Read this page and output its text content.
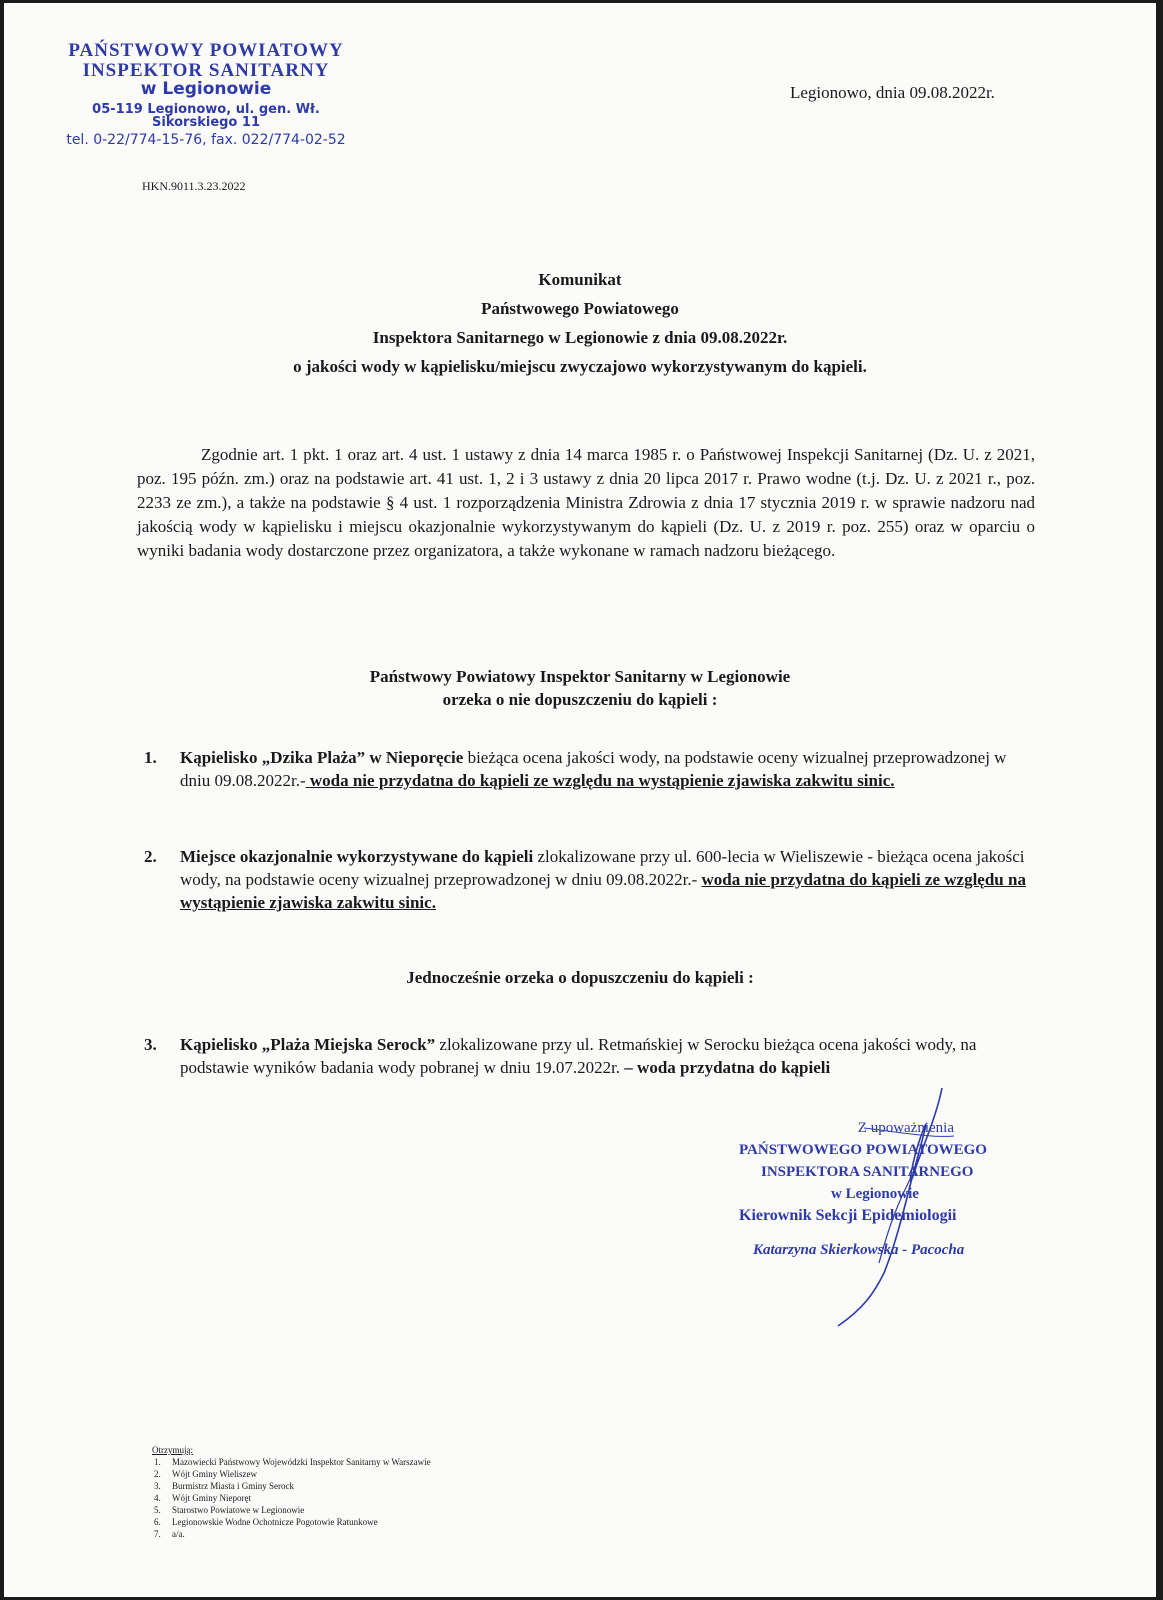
PAŃSTWOWY POWIATOWY
INSPEKTOR SANITARNY
w Legionowie
05-119 Legionowo, ul. gen. Wł. Sikorskiego 11
tel. 0-22/774-15-76, fax. 022/774-02-52
Legionowo, dnia 09.08.2022r.
HKN.9011.3.23.2022
Komunikat
Państwowego Powiatowego
Inspektora Sanitarnego w Legionowie z dnia 09.08.2022r.
o jakości wody w kąpielisku/miejscu zwyczajowo wykorzystywanym do kąpieli.
Zgodnie art. 1 pkt. 1 oraz art. 4 ust. 1 ustawy z dnia 14 marca 1985 r. o Państwowej Inspekcji Sanitarnej (Dz. U. z 2021, poz. 195 późn. zm.) oraz na podstawie art. 41 ust. 1, 2 i 3 ustawy z dnia 20 lipca 2017 r. Prawo wodne (t.j. Dz. U. z 2021 r., poz. 2233 ze zm.), a także na podstawie § 4 ust. 1 rozporządzenia Ministra Zdrowia z dnia 17 stycznia 2019 r. w sprawie nadzoru nad jakością wody w kąpielisku i miejscu okazjonalnie wykorzystywanym do kąpieli (Dz. U. z 2019 r. poz. 255) oraz w oparciu o wyniki badania wody dostarczone przez organizatora, a także wykonane w ramach nadzoru bieżącego.
Państwowy Powiatowy Inspektor Sanitarny w Legionowie
orzeka o nie dopuszczeniu do kąpieli :
1. Kąpielisko „Dzika Plaża” w Nieporęcie bieżąca ocena jakości wody, na podstawie oceny wizualnej przeprowadzonej w dniu 09.08.2022r.- woda nie przydatna do kąpieli ze względu na wystąpienie zjawiska zakwitu sinic.
2. Miejsce okazjonalnie wykorzystywane do kąpieli zlokalizowane przy ul. 600-lecia w Wieliszewie - bieżąca ocena jakości wody, na podstawie oceny wizualnej przeprowadzonej w dniu 09.08.2022r.- woda nie przydatna do kąpieli ze względu na wystąpienie zjawiska zakwitu sinic.
Jednocześnie orzeka o dopuszczeniu do kąpieli :
3. Kąpielisko „Plaża Miejska Serock” zlokalizowane przy ul. Retmańskiej w Serocku bieżąca ocena jakości wody, na podstawie wyników badania wody pobranej w dniu 19.07.2022r. – woda przydatna do kąpieli
Z upoważnienia
PAŃSTWOWEGO POWIATOWEGO
INSPEKTORA SANITARNEGO
w Legionowie
Kierownik Sekcji Epidemiologii
Katarzyna Skierkowska - Pacocha
Otrzymują:
1. Mazowiecki Państwowy Wojewódzki Inspektor Sanitarny w Warszawie
2. Wójt Gminy Wieliszew
3. Burmistrz Miasta i Gminy Serock
4. Wójt Gminy Nieporęt
5. Starostwo Powiatowe w Legionowie
6. Legionowskie Wodne Ochotnicze Pogotowie Ratunkowe
7. a/a.
